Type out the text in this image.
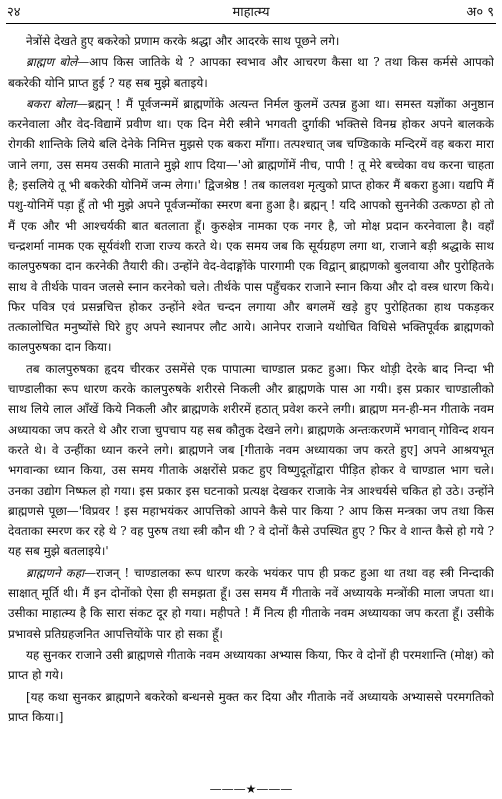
२४	माहात्म्य	अ० ९

नेत्रोंसे देखते हुए बकरेको प्रणाम करके श्रद्धा और आदरके साथ पूछने लगे।

ब्राह्मण बोले—आप किस जातिके थे ? आपका स्वभाव और आचरण कैसा था ? तथा किस कर्मसे आपको बकरेकी योनि प्राप्त हुई ? यह सब मुझे बताइये।

बकरा बोला—ब्रह्मन् ! मैं पूर्वजन्ममें ब्राह्मणोंके अत्यन्त निर्मल कुलमें उत्पन्न हुआ था। समस्त यज्ञोंका अनुष्ठान करनेवाला और वेद-विद्यामें प्रवीण था। एक दिन मेरी स्त्रीने भगवती दुर्गाकी भक्तिसे विनम्र होकर अपने बालकके रोगकी शान्तिके लिये बलि देनेके निमित्त मुझसे एक बकरा माँगा। तत्पश्चात् जब चण्डिकाके मन्दिरमें वह बकरा मारा जाने लगा, उस समय उसकी माताने मुझे शाप दिया—'ओ ब्राह्मणोंमें नीच, पापी ! तू मेरे बच्चेका वध करना चाहता है; इसलिये तू भी बकरेकी योनिमें जन्म लेगा।' द्विजश्रेष्ठ ! तब कालवश मृत्युको प्राप्त होकर मैं बकरा हुआ। यद्यपि मैं पशु-योनिमें पड़ा हूँ तो भी मुझे अपने पूर्वजन्मोंका स्मरण बना हुआ है। ब्रह्मन् ! यदि आपको सुननेकी उत्कण्ठा हो तो मैं एक और भी आश्चर्यकी बात बतलाता हूँ। कुरुक्षेत्र नामका एक नगर है, जो मोक्ष प्रदान करनेवाला है। वहाँ चन्द्रशर्मा नामक एक सूर्यवंशी राजा राज्य करते थे। एक समय जब कि सूर्यग्रहण लगा था, राजाने बड़ी श्रद्धाके साथ कालपुरुषका दान करनेकी तैयारी की। उन्होंने वेद-वेदाङ्गोंके पारगामी एक विद्वान् ब्राह्मणको बुलवाया और पुरोहितके साथ वे तीर्थके पावन जलसे स्नान करनेको चले। तीर्थके पास पहुँचकर राजाने स्नान किया और दो वस्त्र धारण किये। फिर पवित्र एवं प्रसन्नचित्त होकर उन्होंने श्वेत चन्दन लगाया और बगलमें खड़े हुए पुरोहितका हाथ पकड़कर तत्कालोचित मनुष्योंसे घिरे हुए अपने स्थानपर लौट आये। आनेपर राजाने यथोचित विधिसे भक्तिपूर्वक ब्राह्मणको कालपुरुषका दान किया।

तब कालपुरुषका हृदय चीरकर उसमेंसे एक पापात्मा चाण्डाल प्रकट हुआ। फिर थोड़ी देरके बाद निन्दा भी चाण्डालीका रूप धारण करके कालपुरुषके शरीरसे निकली और ब्राह्मणके पास आ गयी। इस प्रकार चाण्डालीको साथ लिये लाल आँखें किये निकली और ब्राह्मणके शरीरमें हठात् प्रवेश करने लगी। ब्राह्मण मन-ही-मन गीताके नवम अध्यायका जप करते थे और राजा चुपचाप यह सब कौतुक देखने लगे। ब्राह्मणके अन्तःकरणमें भगवान् गोविन्द शयन करते थे। वे उन्हींका ध्यान करने लगे। ब्राह्मणने जब [गीताके नवम अध्यायका जप करते हुए] अपने आश्रयभूत भगवान्का ध्यान किया, उस समय गीताके अक्षरोंसे प्रकट हुए विष्णुदूतोंद्वारा पीड़ित होकर वे चाण्डाल भाग चले। उनका उद्योग निष्फल हो गया। इस प्रकार इस घटनाको प्रत्यक्ष देखकर राजाके नेत्र आश्चर्यसे चकित हो उठे। उन्होंने ब्राह्मणसे पूछा—'विप्रवर ! इस महाभयंकर आपत्तिको आपने कैसे पार किया ? आप किस मन्त्रका जप तथा किस देवताका स्मरण कर रहे थे ? वह पुरुष तथा स्त्री कौन थी ? वे दोनों कैसे उपस्थित हुए ? फिर वे शान्त कैसे हो गये ? यह सब मुझे बतलाइये।'

ब्राह्मणने कहा—राजन् ! चाण्डालका रूप धारण करके भयंकर पाप ही प्रकट हुआ था तथा वह स्त्री निन्दाकी साक्षात् मूर्ति थी। मैं इन दोनोंको ऐसा ही समझता हूँ। उस समय मैं गीताके नवें अध्यायके मन्त्रोंकी माला जपता था। उसीका माहात्म्य है कि सारा संकट दूर हो गया। महीपते ! मैं नित्य ही गीताके नवम अध्यायका जप करता हूँ। उसीके प्रभावसे प्रतिग्रहजनित आपत्तियोंके पार हो सका हूँ।

यह सुनकर राजाने उसी ब्राह्मणसे गीताके नवम अध्यायका अभ्यास किया, फिर वे दोनों ही परमशान्ति (मोक्ष) को प्राप्त हो गये।

[यह कथा सुनकर ब्राह्मणने बकरेको बन्धनसे मुक्त कर दिया और गीताके नवें अध्यायके अभ्याससे परमगतिको प्राप्त किया।]

———★———
